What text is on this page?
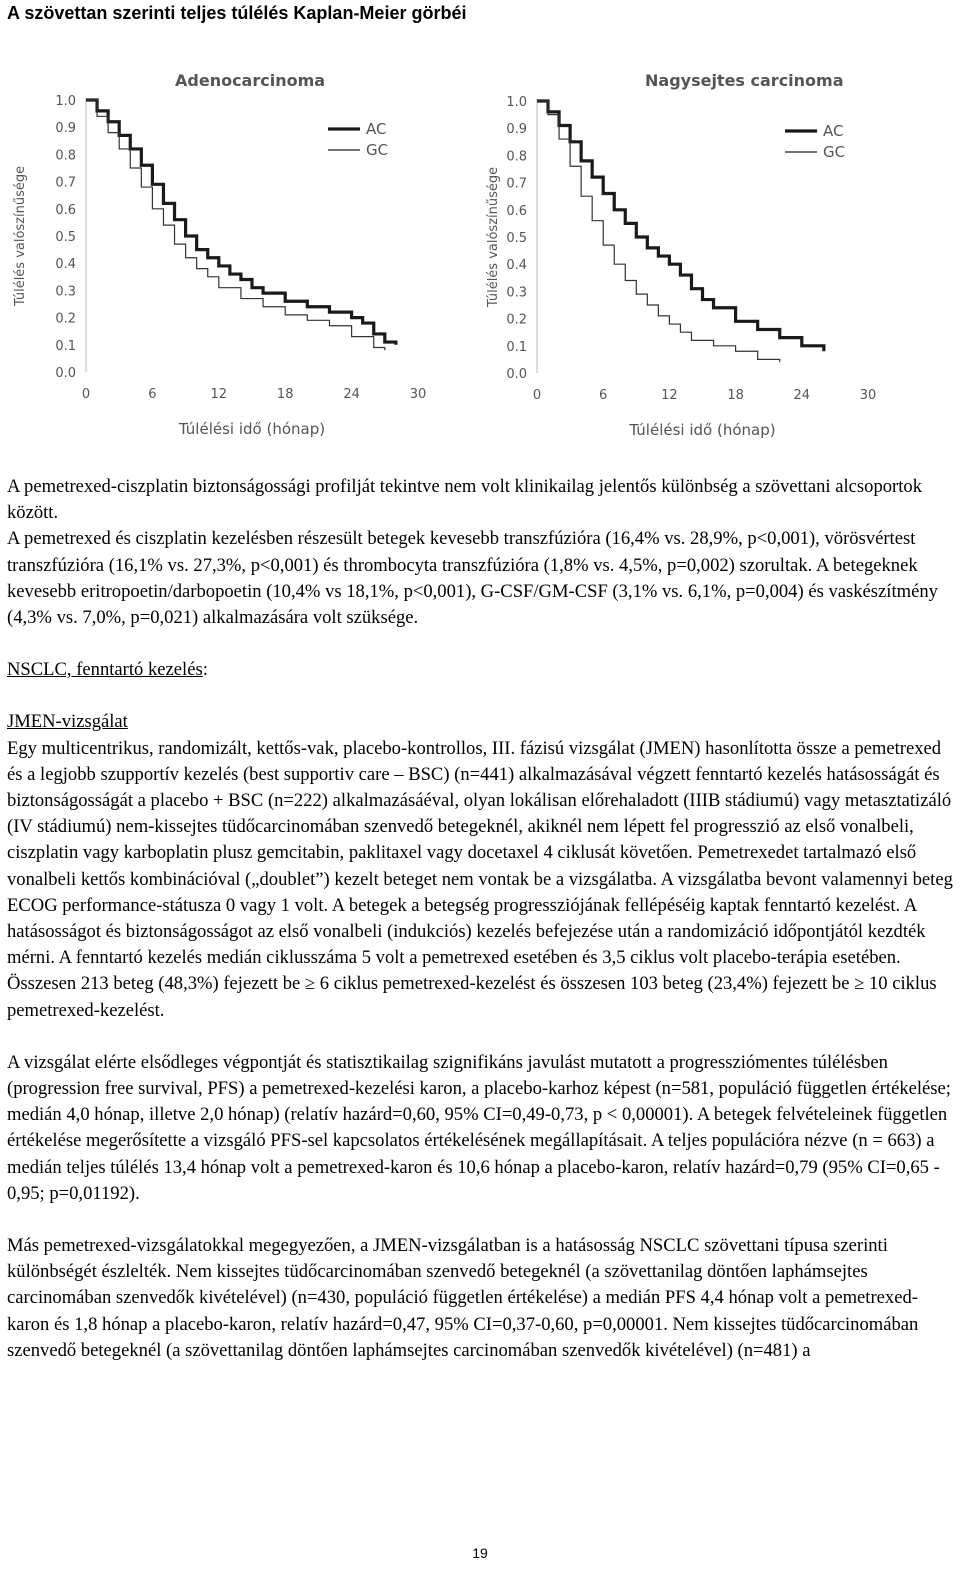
A szövettan szerinti teljes túlélés Kaplan-Meier görbéi
Adenocarcinoma
0.0
0.1
0.2
0.3
0.4
0.5
0.6
0.7
0.8
0.9
1.0
0	6	12	18	24	30
Túlélési idő (hónap)
Túlélés valószínűsége
AC
GC
Nagysejtes carcinoma
0.0
0.1
0.2
0.3
0.4
0.5
0.6
0.7
0.8
0.9
1.0
0	6	12	18	24	30
Túlélési idő (hónap)
Túlélés valószínűsége
AC
GC

A pemetrexed-ciszplatin biztonságossági profilját tekintve nem volt klinikailag jelentős különbség a szövettani alcsoportok között.

A pemetrexed és ciszplatin kezelésben részesült betegek kevesebb transzfúzióra (16,4% vs. 28,9%, p<0,001), vörösvértest transzfúzióra (16,1% vs. 27,3%, p<0,001) és thrombocyta transzfúzióra (1,8% vs. 4,5%, p=0,002) szorultak. A betegeknek kevesebb eritropoetin/darbopoetin (10,4% vs 18,1%, p<0,001), G-CSF/GM-CSF (3,1% vs. 6,1%, p=0,004) és vaskészítmény (4,3% vs. 7,0%, p=0,021) alkalmazására volt szüksége.

NSCLC, fenntartó kezelés:

JMEN-vizsgálat

Egy multicentrikus, randomizált, kettős-vak, placebo-kontrollos, III. fázisú vizsgálat (JMEN) hasonlította össze a pemetrexed és a legjobb szupportív kezelés (best supportiv care – BSC) (n=441) alkalmazásával végzett fenntartó kezelés hatásosságát és biztonságosságát a placebo + BSC (n=222) alkalmazásáéval, olyan lokálisan előrehaladott (IIIB stádiumú) vagy metasztatizáló (IV stádiumú) nem-kissejtes tüdőcarcinomában szenvedő betegeknél, akiknél nem lépett fel progresszió az első vonalbeli, ciszplatin vagy karboplatin plusz gemcitabin, paklitaxel vagy docetaxel 4 ciklusát követően. Pemetrexedet tartalmazó első vonalbeli kettős kombinációval („doublet”) kezelt beteget nem vontak be a vizsgálatba. A vizsgálatba bevont valamennyi beteg ECOG performance-státusza 0 vagy 1 volt. A betegek a betegség progressziójának fellépéséig kaptak fenntartó kezelést. A hatásosságot és biztonságosságot az első vonalbeli (indukciós) kezelés befejezése után a randomizáció időpontjától kezdték mérni. A fenntartó kezelés medián ciklusszáma 5 volt a pemetrexed esetében és 3,5 ciklus volt placebo-terápia esetében. Összesen 213 beteg (48,3%) fejezett be ≥ 6 ciklus pemetrexed-kezelést és összesen 103 beteg (23,4%) fejezett be ≥ 10 ciklus pemetrexed-kezelést.

A vizsgálat elérte elsődleges végpontját és statisztikailag szignifikáns javulást mutatott a progressziómentes túlélésben (progression free survival, PFS) a pemetrexed-kezelési karon, a placebo-karhoz képest (n=581, populáció független értékelése; medián 4,0 hónap, illetve 2,0 hónap) (relatív hazárd=0,60, 95% CI=0,49-0,73, p < 0,00001). A betegek felvételeinek független értékelése megerősítette a vizsgáló PFS-sel kapcsolatos értékelésének megállapításait. A teljes populációra nézve (n = 663) a medián teljes túlélés 13,4 hónap volt a pemetrexed-karon és 10,6 hónap a placebo-karon, relatív hazárd=0,79 (95% CI=0,65 - 0,95; p=0,01192).

Más pemetrexed-vizsgálatokkal megegyezően, a JMEN-vizsgálatban is a hatásosság NSCLC szövettani típusa szerinti különbségét észlelték. Nem kissejtes tüdőcarcinomában szenvedő betegeknél (a szövettanilag döntően laphámsejtes carcinomában szenvedők kivételével) (n=430, populáció független értékelése) a medián PFS 4,4 hónap volt a pemetrexed-karon és 1,8 hónap a placebo-karon, relatív hazárd=0,47, 95% CI=0,37-0,60, p=0,00001. Nem kissejtes tüdőcarcinomában szenvedő betegeknél (a szövettanilag döntően laphámsejtes carcinomában szenvedők kivételével) (n=481) a

19
